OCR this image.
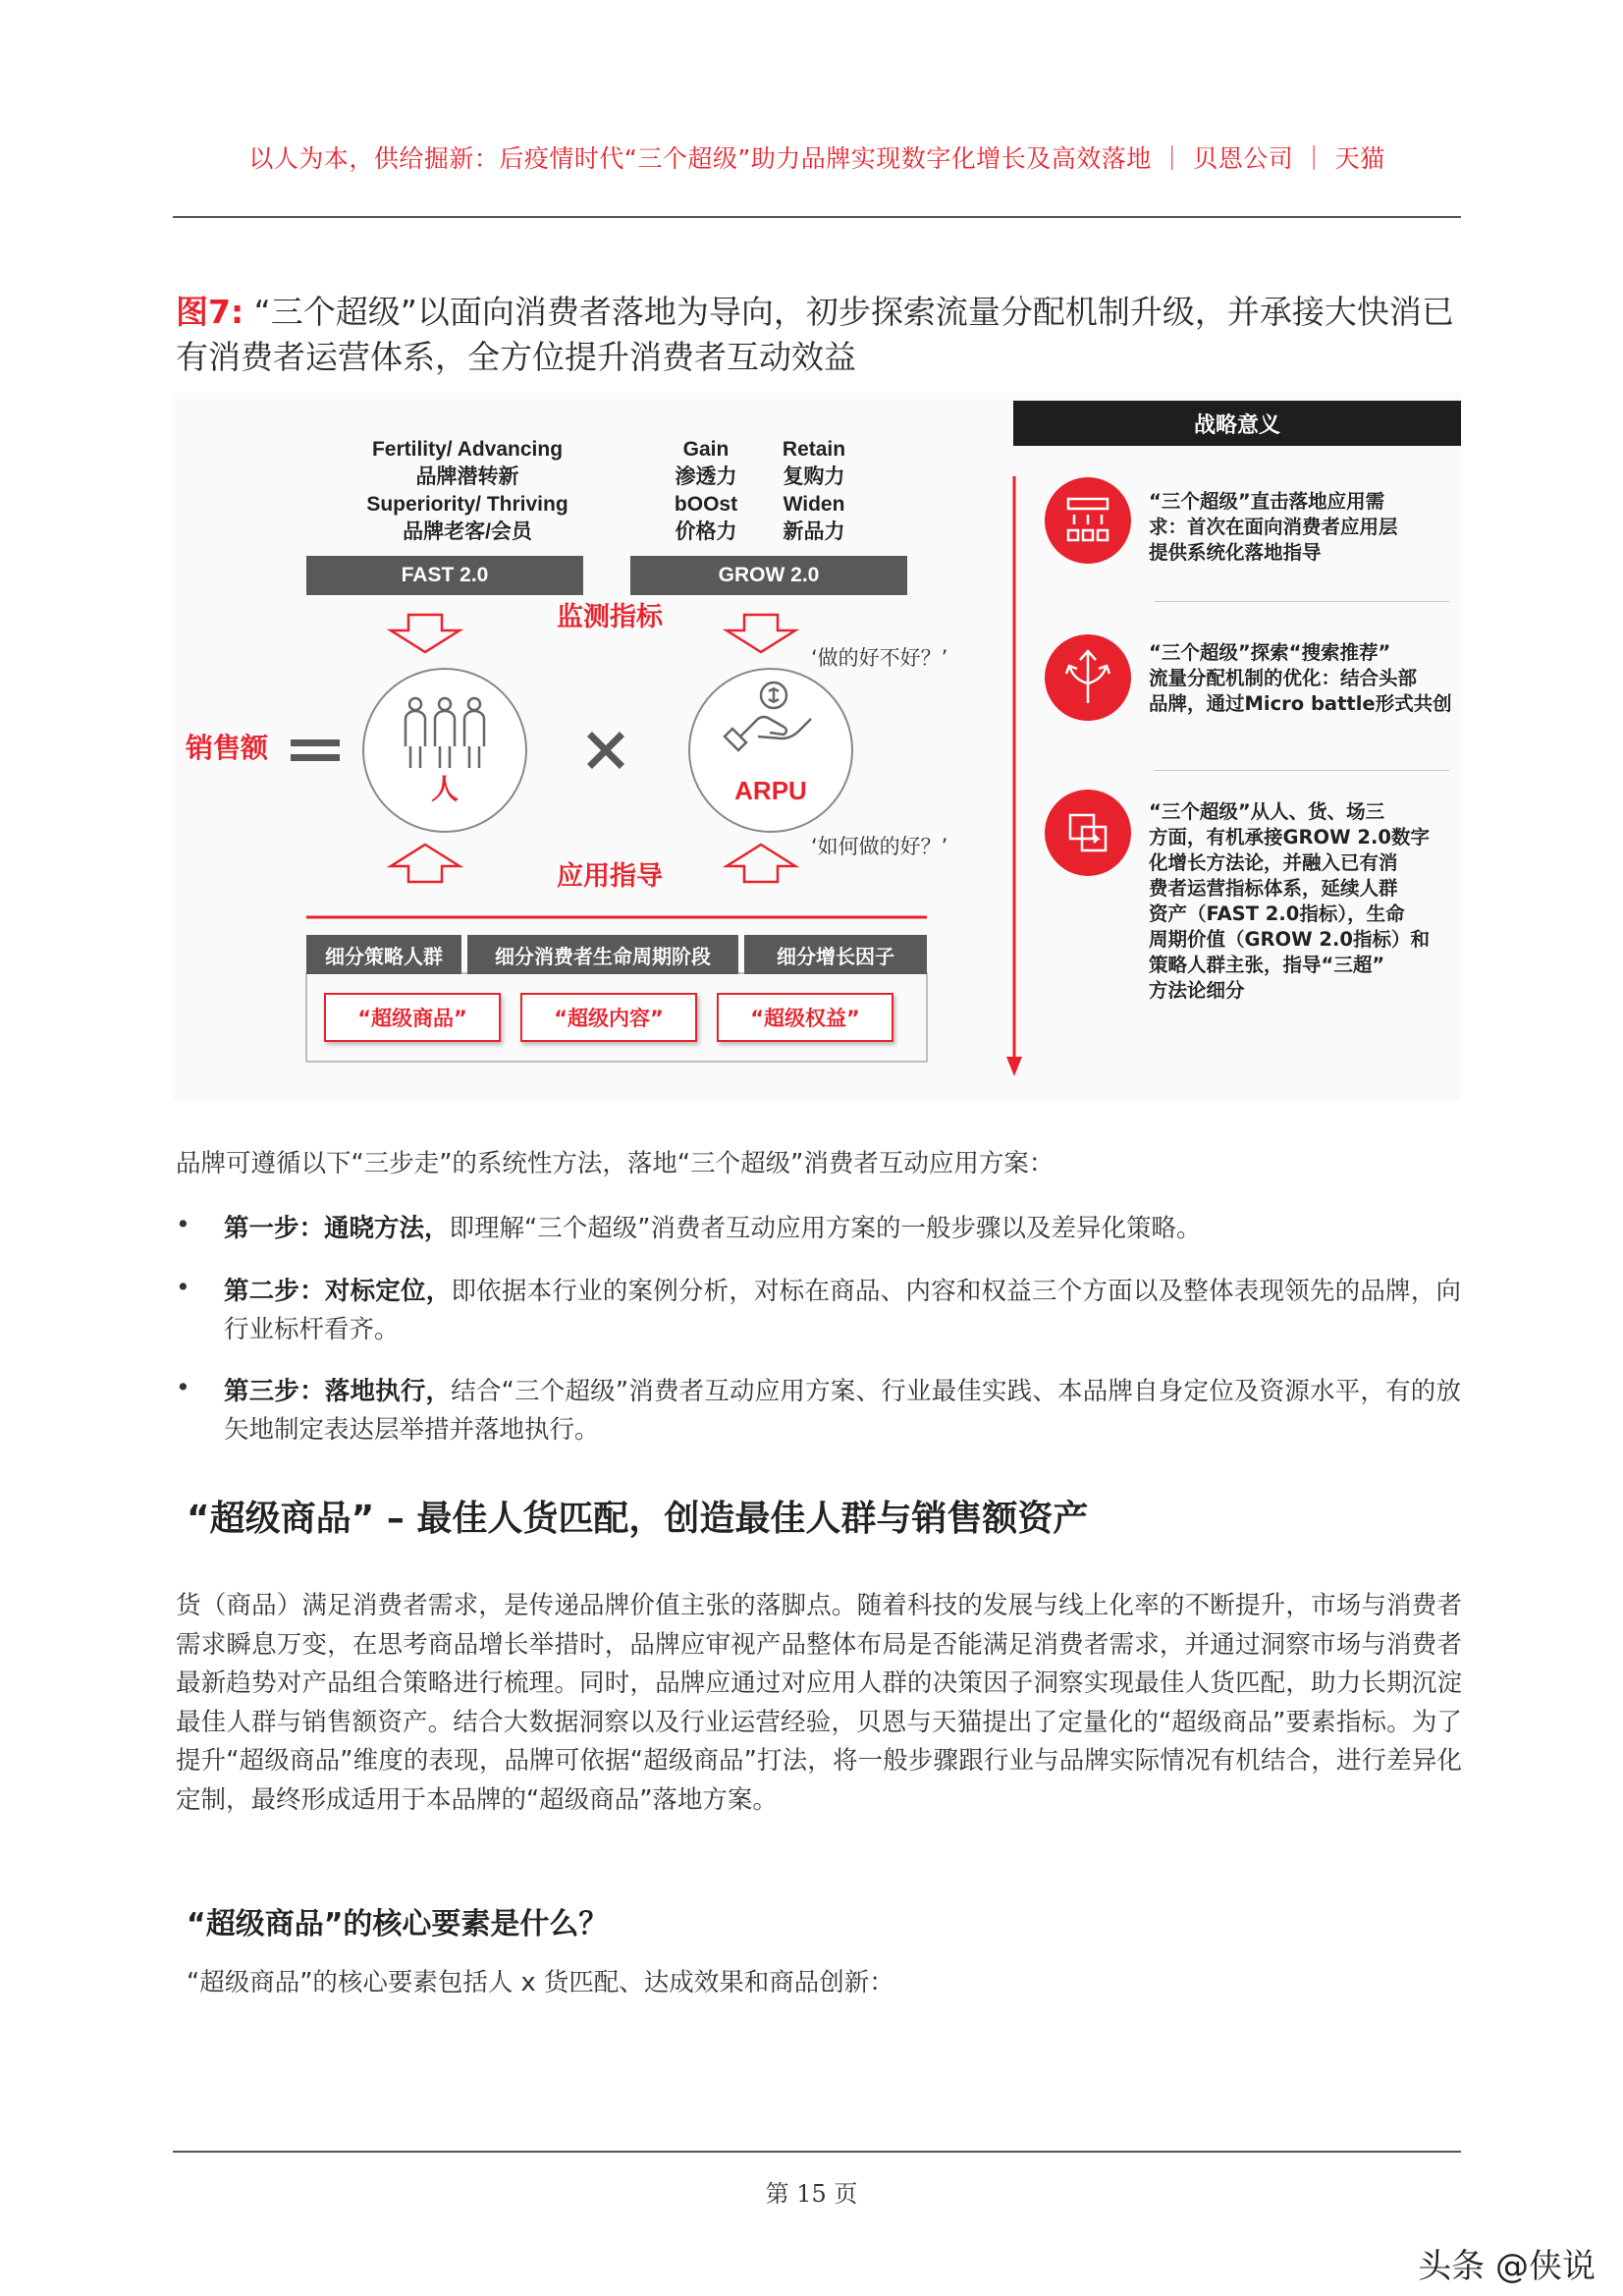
以人为本，供给掘新：后疫情时代“三个超级”助力品牌实现数字化增长及高效落地 ｜ 贝恩公司 ｜ 天猫
图7: “三个超级”以面向消费者落地为导向，初步探索流量分配机制升级，并承接大快消已有消费者运营体系，全方位提升消费者互动效益
Fertility/ Advancing
品牌潜转新
Superiority/ Thriving
品牌老客/会员
FAST 2.0
Gain
渗透力
bOOst
价格力
Retain
复购力
Widen
新品力
GROW 2.0
监测指标
‘做的好不好？’
销售额
人	ARPU
‘如何做的好？’
应用指导
细分策略人群	细分消费者生命周期阶段	细分增长因子
“超级商品”	“超级内容”	“超级权益”
战略意义
“三个超级”直击落地应用需
求：首次在面向消费者应用层
提供系统化落地指导
“三个超级”探索“搜索推荐”
流量分配机制的优化：结合头部
品牌，通过Micro battle形式共创
“三个超级”从人、货、场三
方面，有机承接GROW 2.0数字
化增长方法论，并融入已有消
费者运营指标体系，延续人群
资产（FAST 2.0指标），生命
周期价值（GROW 2.0指标）和
策略人群主张，指导“三超”
方法论细分
品牌可遵循以下“三步走”的系统性方法，落地“三个超级”消费者互动应用方案：
• 第一步：通晓方法，即理解“三个超级”消费者互动应用方案的一般步骤以及差异化策略。
• 第二步：对标定位，即依据本行业的案例分析，对标在商品、内容和权益三个方面以及整体表现领先的品牌，向行业标杆看齐。
• 第三步：落地执行，结合“三个超级”消费者互动应用方案、行业最佳实践、本品牌自身定位及资源水平，有的放矢地制定表达层举措并落地执行。
“超级商品” – 最佳人货匹配，创造最佳人群与销售额资产
货（商品）满足消费者需求，是传递品牌价值主张的落脚点。随着科技的发展与线上化率的不断提升，市场与消费者需求瞬息万变，在思考商品增长举措时，品牌应审视产品整体布局是否能满足消费者需求，并通过洞察市场与消费者最新趋势对产品组合策略进行梳理。同时，品牌应通过对应用人群的决策因子洞察实现最佳人货匹配，助力长期沉淀最佳人群与销售额资产。结合大数据洞察以及行业运营经验，贝恩与天猫提出了定量化的“超级商品”要素指标。为了提升“超级商品”维度的表现，品牌可依据“超级商品”打法，将一般步骤跟行业与品牌实际情况有机结合，进行差异化定制，最终形成适用于本品牌的“超级商品”落地方案。
“超级商品”的核心要素是什么？
“超级商品”的核心要素包括人 x 货匹配、达成效果和商品创新：
第 15 页
头条 @侠说
